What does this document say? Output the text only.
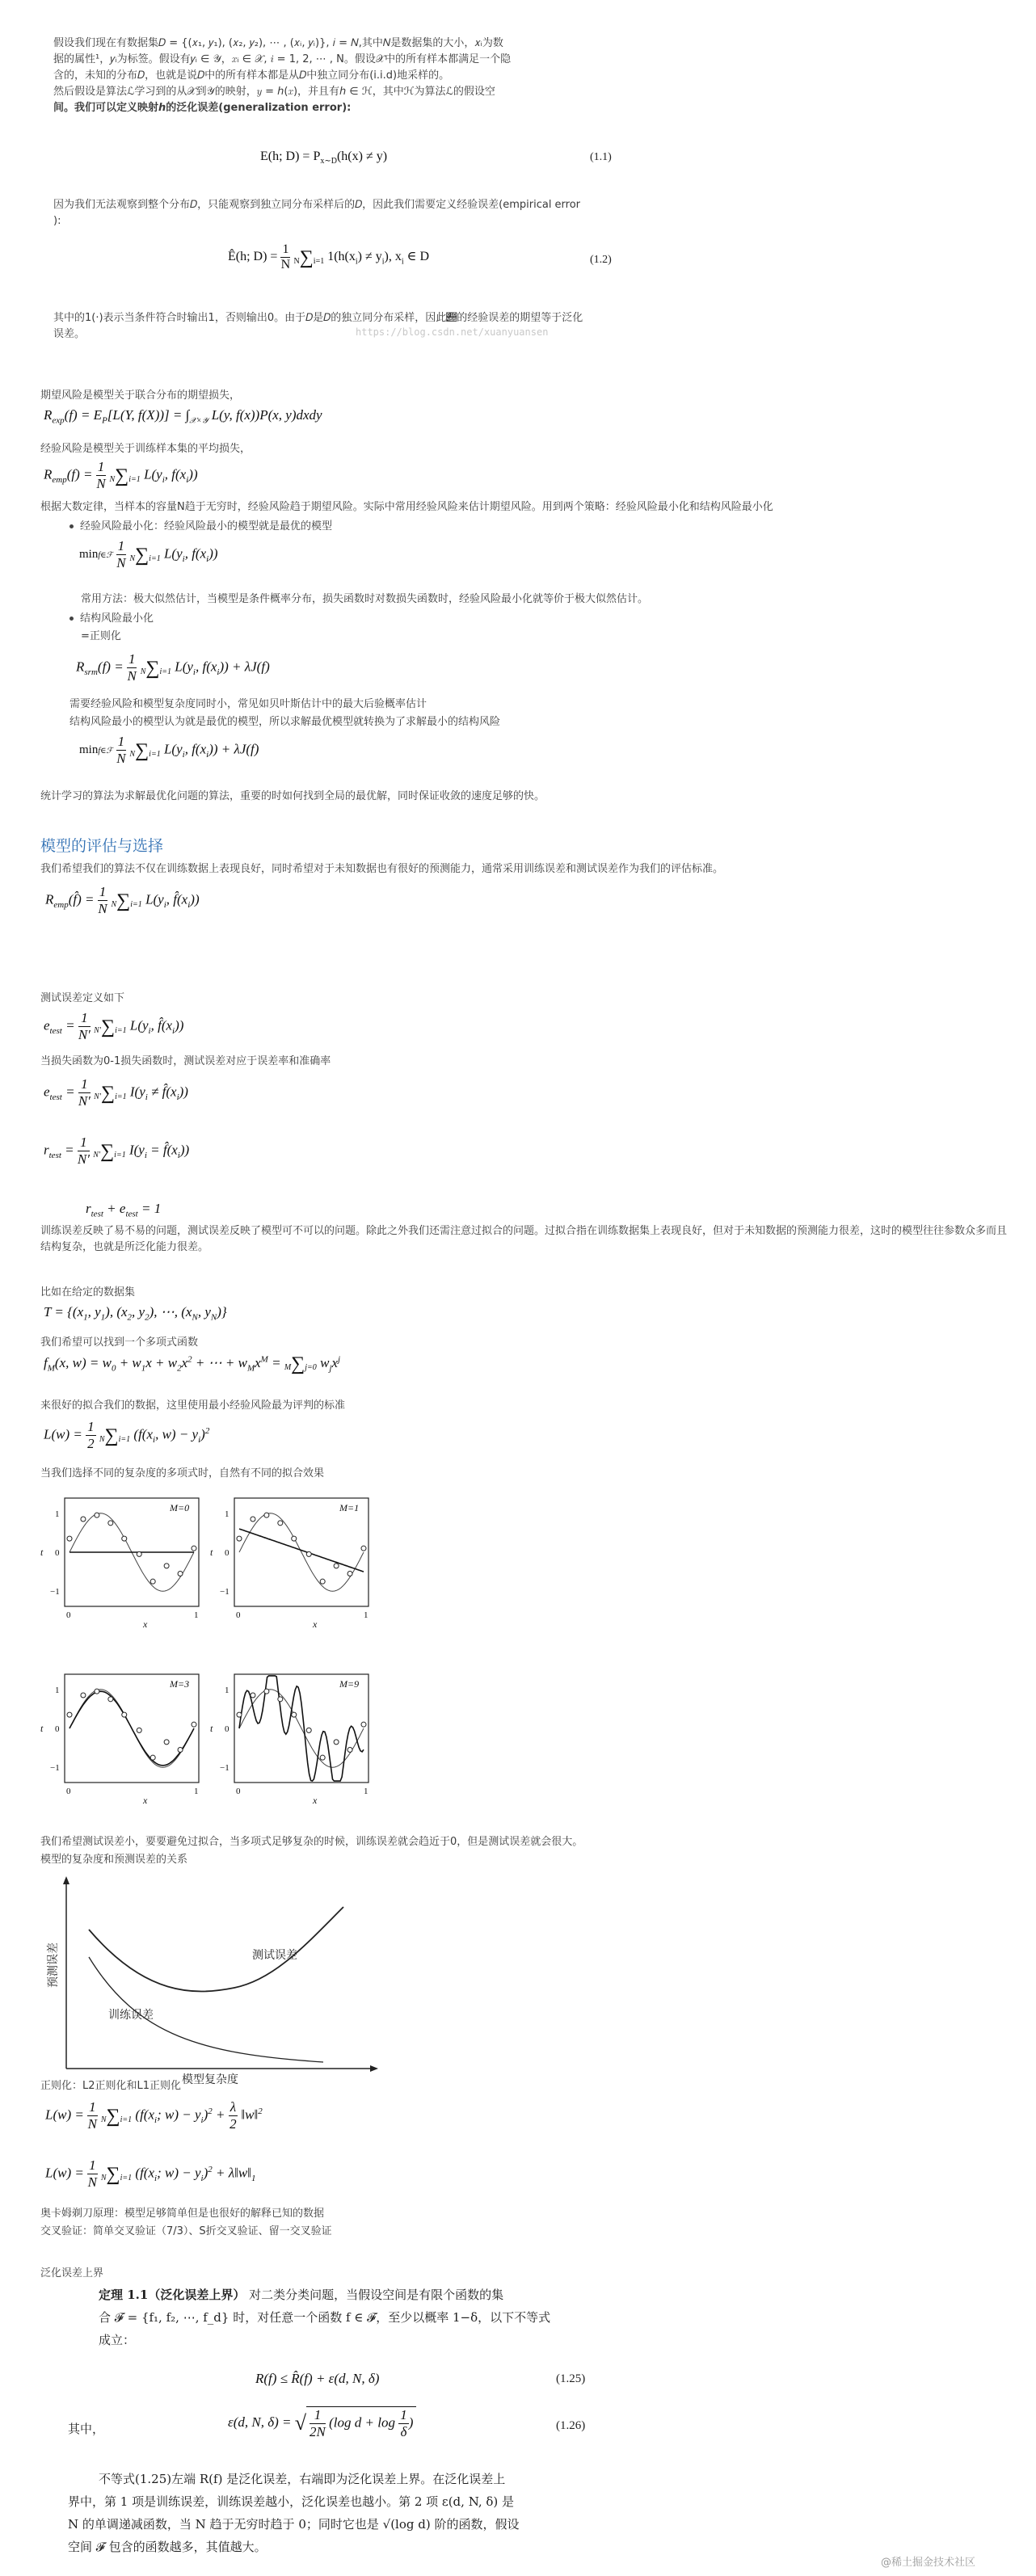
假设我们现在有数据集𝐷 = {(𝑥₁, 𝑦₁), (𝑥₂, 𝑦₂), ⋯ , (𝑥ᵢ, 𝑦ᵢ)}, 𝑖 = 𝑁,其中𝑁是数据集的大小，𝑥ᵢ为数
据的属性¹，𝑦ᵢ为标签。假设有𝑦ᵢ ∈ 𝒴，𝑥ᵢ ∈ 𝒳, 𝑖 = 1, 2, ⋯ , N。假设𝒳中的所有样本都满足一个隐
含的，未知的分布𝐷，也就是说𝐷中的所有样本都是从𝐷中独立同分布(i.i.d)地采样的。
然后假设是算法ℒ学习到的从𝒳到𝒴的映射，𝑦 = ℎ(𝑥)，并且有ℎ ∈ ℋ，其中ℋ为算法ℒ的假设空
间。我们可以定义映射ℎ的泛化误差(generalization error):
E(h; $D) = P_{x\sim D}(h(x) \ne y)$	(1.1)
因为我们无法观察到整个分布𝐷，只能观察到独立同分布采样后的𝐷，因此我们需要定义经验误差(empirical error
):
Ê(h; $D) = \frac{1}{N} N\sum i=1$ $1(h(x_i) \ne y_i)$, $x_i$ ∈ D	(1.2)
其中的1(·)表示当条件符合时输出1，否则输出0。由于𝐷是𝐷的独立同分布采样，因此𝑕的经验误差的期望等于泛化
误差。	https://blog.csdn.net/xuanyuansen
期望风险是模型关于联合分布的期望损失，
$R_{exp}(f) = E_P[L(Y$, $f(X))] = \int_{𝒳\times 𝒴}$ L(y, f(x))P(x, y)dxdy
经验风险是模型关于训练样本集的平均损失，
$R_{emp}(f) = \frac{1}{N} N\sum i=1$ $L(y_i$, $f(x_i)$)
根据大数定律，当样本的容量N趋于无穷时，经验风险趋于期望风险。实际中常用经验风险来估计期望风险。用到两个策略：经验风险最小化和结构风险最小化
经验风险最小化：经验风险最小的模型就是最优的模型
minf∈ℱ $\frac{1}{N} N\sum i=1$ $L(y_i$, $f(x_i)$)
常用方法：极大似然估计，当模型是条件概率分布，损失函数时对数损失函数时，经验风险最小化就等价于极大似然估计。
结构风险最小化
=正则化
$R_{srm}(f) = \frac{1}{N} N\sum i=1$ $L(y_i$, $f(x_i)) + \lambda J(f)$
需要经验风险和模型复杂度同时小，常见如贝叶斯估计中的最大后验概率估计
结构风险最小的模型认为就是最优的模型，所以求解最优模型就转换为了求解最小的结构风险
minf∈ℱ $\frac{1}{N} N\sum i=1$ $L(y_i$, $f(x_i)) + \lambda J(f)$
统计学习的算法为求解最优化问题的算法，重要的时如何找到全局的最优解，同时保证收敛的速度足够的快。
模型的评估与选择
我们希望我们的算法不仅在训练数据上表现良好，同时希望对于未知数据也有很好的预测能力，通常采用训练误差和测试误差作为我们的评估标准。
$R_{emp}(f̂) = \frac{1}{N} N\sum i=1$ $L(y_i$, $f̂(x_i)$)
测试误差定义如下
$e_{test} = \frac{1}{N'} N'\sum i=1$ $L(y_i$, $f̂(x_i)$)
当损失函数为0-1损失函数时，测试误差对应于误差率和准确率
$e_{test} = \frac{1}{N'} N'\sum i=1$ $I(y_i$ ≠ $f̂(x_i)$)
$r_{test} = \frac{1}{N'} N'\sum i=1$ $I(y_i$ = $f̂(x_i)$)
$r_{test} + e_{test} = 1$
训练误差反映了易不易的问题，测试误差反映了模型可不可以的问题。除此之外我们还需注意过拟合的问题。过拟合指在训练数据集上表现良好，但对于未知数据的预测能力很差，这时的模型往往参数众多而且结构复杂，也就是所泛化能力很差。
比如在给定的数据集
$T = \{(x_1$, $y_1$), ($x_2$, $y_2$), ⋯, ($x_N$, $y_N$)}
我们希望可以找到一个多项式函数
$f_M(x$, $w) = w_0 + w_1x + w_2x^2$ + ⋯ + $w_Mx^M = M\sum j=0$ $w_jx^j$
来很好的拟合我们的数据，这里使用最小经验风险最为评判的标准
$L(w) = \frac{1}{2} N\sum i=1$ ($f(x_i$, $w) - y_i)^2$
当我们选择不同的复杂度的多项式时，自然有不同的拟合效果
M=0
1
0
−1
t
0	1
x
M=1
1
0
−1
t
0	1
x
M=3
1
0
−1
t
0	1
x
M=9
1
0
−1
t
0	1
x
我们希望测试误差小，要要避免过拟合，当多项式足够复杂的时候，训练误差就会趋近于0，但是测试误差就会很大。
模型的复杂度和预测误差的关系
测试误差
训练误差
预测误差
模型复杂度
正则化：L2正则化和L1正则化
$L(w) = \frac{1}{N} N\sum i=1$ ($f(x_i$; $w) - y_i)^2 + \frac{\lambda}{2}$ ‖w‖$^2$
$L(w) = \frac{1}{N} N\sum i=1$ ($f(x_i$; $w) - y_i)^2$ + $\lambda‖w‖_1$
奥卡姆剃刀原理：模型足够简单但是也很好的解释已知的数据
交叉验证：简单交叉验证（7/3）、S折交叉验证、留一交叉验证
泛化误差上界
定理 1.1（泛化误差上界） 对二类分类问题，当假设空间是有限个函数的集
合 𝓕 = {f₁, f₂, ⋯, f_d} 时，对任意一个函数 f ∈ 𝓕，至少以概率 1−δ，以下不等式
成立：
R(f) ≤ R̂(f) + ε(d, N, δ)	(1.25)
其中，	ε(d, N, δ) = √ $\frac{1}{2N} (\log$ $d + \log \frac{1}{\delta}$ )	(1.26)
不等式(1.25)左端 R(f) 是泛化误差，右端即为泛化误差上界。在泛化误差上
界中，第 1 项是训练误差，训练误差越小，泛化误差也越小。第 2 项 ε(d, N, δ) 是
N 的单调递减函数，当 N 趋于无穷时趋于 0；同时它也是 √(log d) 阶的函数，假设
空间 𝓕 包含的函数越多，其值越大。
@稀土掘金技术社区
